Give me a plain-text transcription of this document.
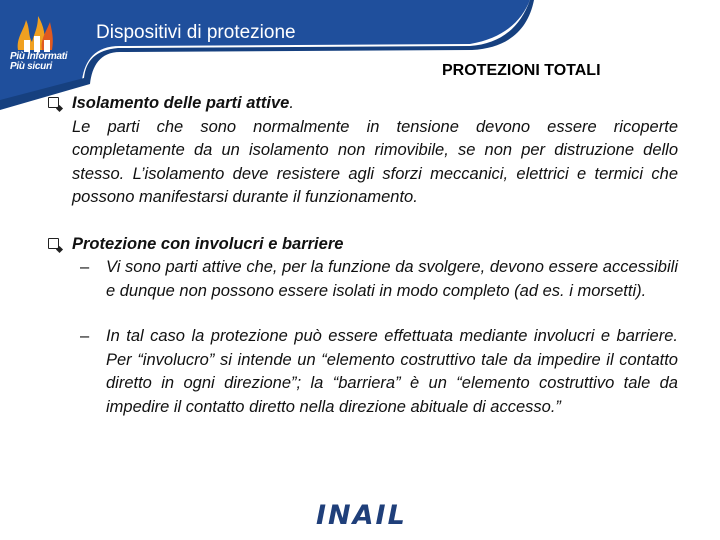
Più Informati
Più sicuri
Dispositivi di protezione
PROTEZIONI TOTALI
Isolamento delle parti attive.

Le parti che sono normalmente in tensione devono essere ricoperte completamente da un isolamento non rimovibile, se non per distruzione dello stesso. L’isolamento deve resistere agli sforzi meccanici, elettrici e termici che possono manifestarsi durante il funzionamento.

Protezione con involucri e barriere
– Vi sono parti attive che, per la funzione da svolgere, devono essere accessibili e dunque non possono essere isolati in modo completo (ad es. i morsetti).
– In tal caso la protezione può essere effettuata mediante involucri e barriere. Per “involucro” si intende un “elemento costruttivo tale da impedire il contatto diretto in ogni direzione”; la “barriera” è un “elemento costruttivo tale da impedire il contatto diretto nella direzione abituale di accesso.”
INAIL
